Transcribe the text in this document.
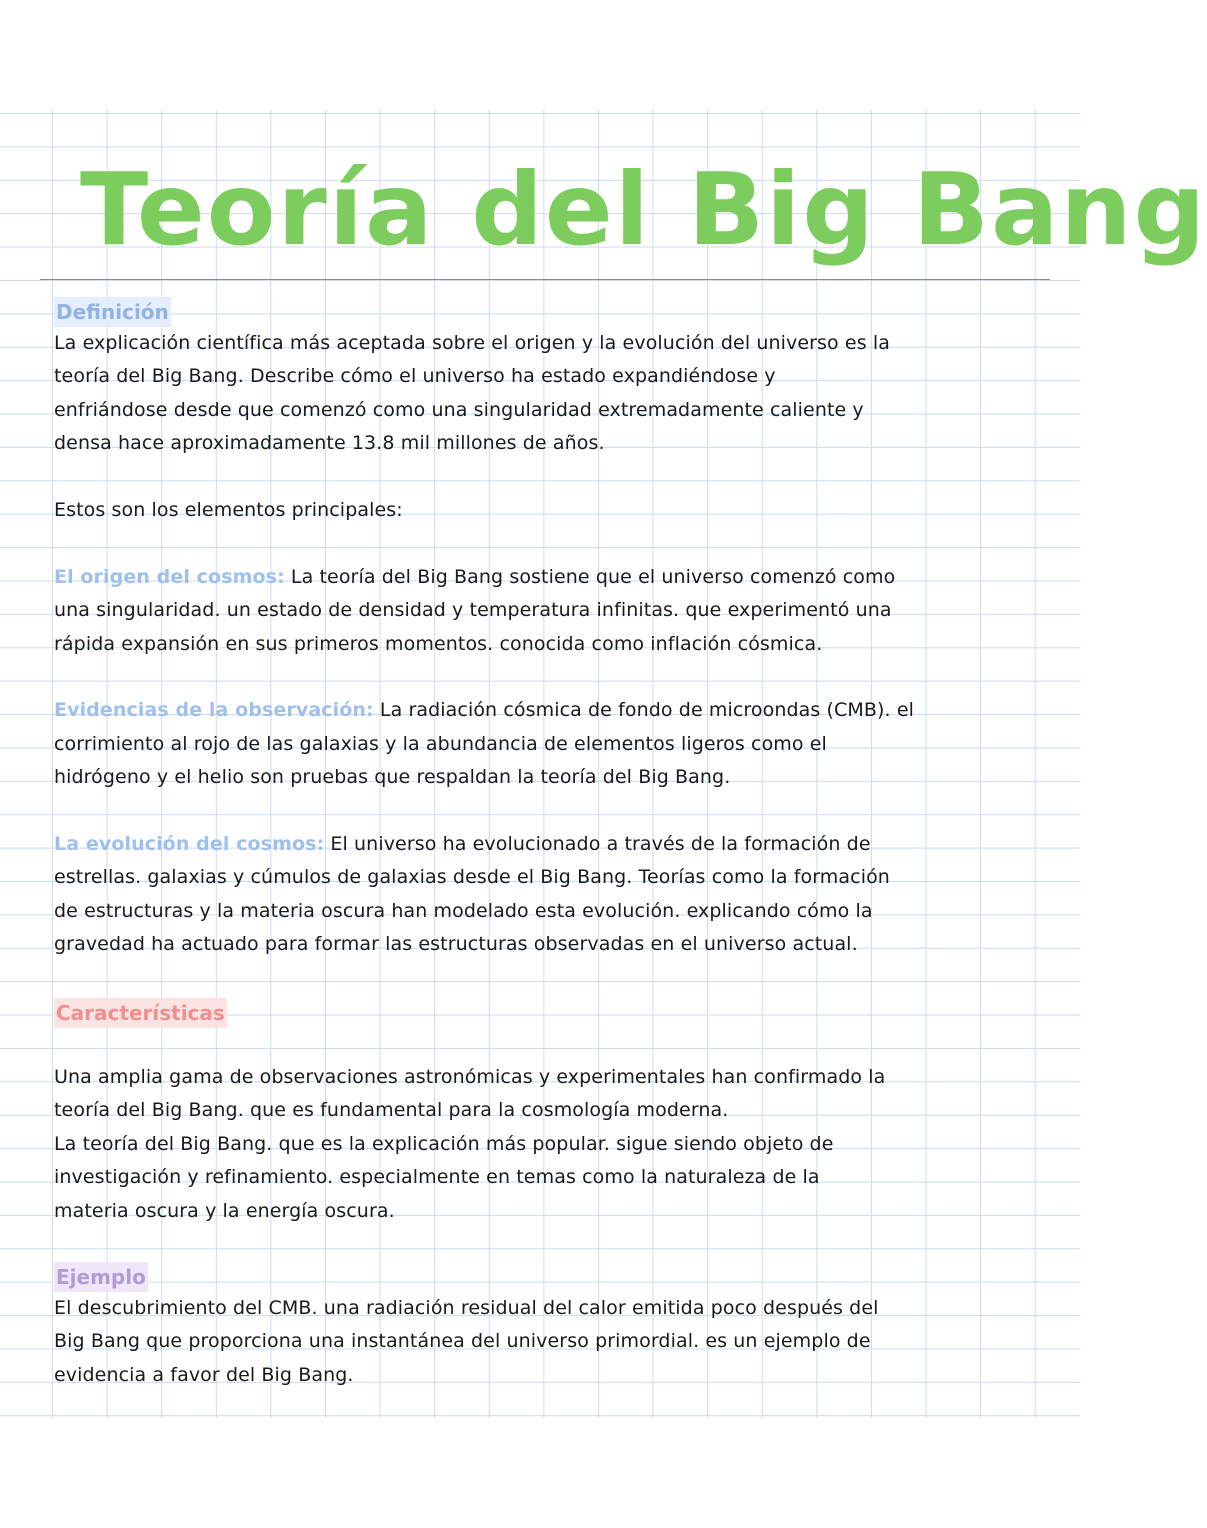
Teoría del Big Bang
Definición

La explicación científica más aceptada sobre el origen y la evolución del universo es la

teoría del Big Bang. Describe cómo el universo ha estado expandiéndose y

enfriándose desde que comenzó como una singularidad extremadamente caliente y

densa hace aproximadamente 13.8 mil millones de años.

Estos son los elementos principales:

El origen del cosmos: La teoría del Big Bang sostiene que el universo comenzó como

una singularidad. un estado de densidad y temperatura infinitas. que experimentó una

rápida expansión en sus primeros momentos. conocida como inflación cósmica.

Evidencias de la observación: La radiación cósmica de fondo de microondas (CMB). el

corrimiento al rojo de las galaxias y la abundancia de elementos ligeros como el

hidrógeno y el helio son pruebas que respaldan la teoría del Big Bang.

La evolución del cosmos: El universo ha evolucionado a través de la formación de

estrellas. galaxias y cúmulos de galaxias desde el Big Bang. Teorías como la formación

de estructuras y la materia oscura han modelado esta evolución. explicando cómo la

gravedad ha actuado para formar las estructuras observadas en el universo actual.

Características

Una amplia gama de observaciones astronómicas y experimentales han confirmado la

teoría del Big Bang. que es fundamental para la cosmología moderna.

La teoría del Big Bang. que es la explicación más popular. sigue siendo objeto de

investigación y refinamiento. especialmente en temas como la naturaleza de la

materia oscura y la energía oscura.

Ejemplo

El descubrimiento del CMB. una radiación residual del calor emitida poco después del

Big Bang que proporciona una instantánea del universo primordial. es un ejemplo de

evidencia a favor del Big Bang.
